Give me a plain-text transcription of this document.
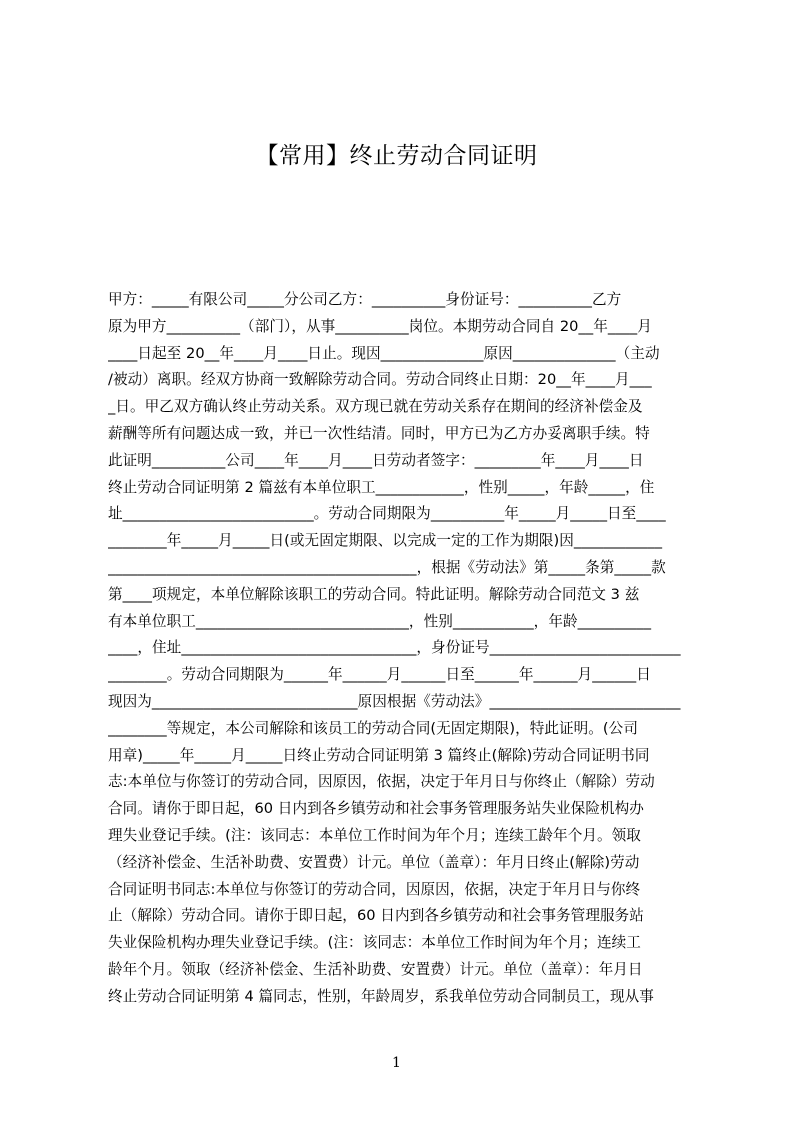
【常用】终止劳动合同证明
甲方：_____有限公司_____分公司乙方：__________身份证号：__________乙方
原为甲方__________（部门），从事__________岗位。本期劳动合同自 20__年____月
____日起至 20__年____月____日止。现因______________原因______________（主动
/被动）离职。经双方协商一致解除劳动合同。劳动合同终止日期：20__年____月___
_日。甲乙双方确认终止劳动关系。双方现已就在劳动关系存在期间的经济补偿金及
薪酬等所有问题达成一致，并已一次性结清。同时，甲方已为乙方办妥离职手续。特
此证明__________公司____年____月____日劳动者签字：_________年____月____日
终止劳动合同证明第 2 篇兹有本单位职工____________，性别_____，年龄_____，住
址__________________________。劳动合同期限为__________年_____月_____日至____
________年_____月_____日(或无固定期限、以完成一定的工作为期限)因____________
__________________________________________，根据《劳动法》第_____条第_____款
第____项规定，本单位解除该职工的劳动合同。特此证明。解除劳动合同范文 3 兹
有本单位职工_____________________________，性别___________，年龄__________
____，住址________________________________，身份证号__________________________
________。劳动合同期限为______年______月______日至______年______月______日
现因为____________________________原因根据《劳动法》__________________________
________等规定，本公司解除和该员工的劳动合同(无固定期限)，特此证明。(公司
用章)_____年_____月_____日终止劳动合同证明第 3 篇终止(解除)劳动合同证明书同
志:本单位与你签订的劳动合同，因原因，依据，决定于年月日与你终止（解除）劳动
合同。请你于即日起，60 日内到各乡镇劳动和社会事务管理服务站失业保险机构办
理失业登记手续。(注：该同志：本单位工作时间为年个月；连续工龄年个月。领取
（经济补偿金、生活补助费、安置费）计元。单位（盖章）：年月日终止(解除)劳动
合同证明书同志:本单位与你签订的劳动合同，因原因，依据，决定于年月日与你终
止（解除）劳动合同。请你于即日起，60 日内到各乡镇劳动和社会事务管理服务站
失业保险机构办理失业登记手续。(注：该同志：本单位工作时间为年个月；连续工
龄年个月。领取（经济补偿金、生活补助费、安置费）计元。单位（盖章）：年月日
终止劳动合同证明第 4 篇同志，性别，年龄周岁，系我单位劳动合同制员工，现从事
1
